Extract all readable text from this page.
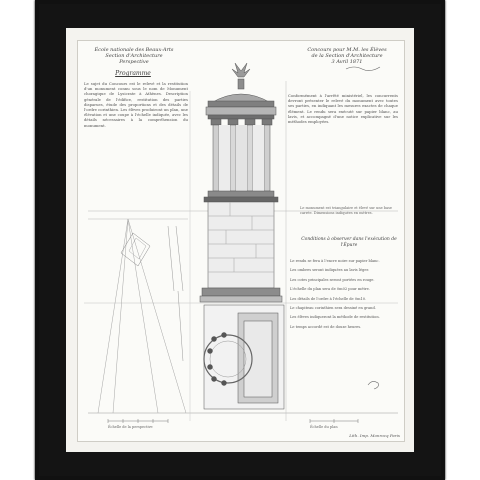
École nationale des Beaux-Arts
Section d'Architecture
Perspective
Programme
Le sujet du Concours est le relevé et la restitution d'un monument connu sous le nom de Monument choragique de Lysicrate à Athènes. Description générale de l'édifice, restitution des parties disparues, étude des proportions et des détails de l'ordre corinthien. Les élèves produiront un plan, une élévation et une coupe à l'échelle indiquée, avec les détails nécessaires à la compréhension du monument.
Concours pour M.M. les Élèves
de la Section d'Architecture
3 Avril 1871
Conformément à l'arrêté ministériel, les concurrents devront présenter le relevé du monument avec toutes ses parties, en indiquant les mesures exactes de chaque élément. Le rendu sera exécuté sur papier blanc, au lavis, et accompagné d'une notice explicative sur les méthodes employées.
Le monument est triangulaire et élevé sur une base carrée. Dimensions indiquées en mètres.
Conditions à observer dans l'exécution de l'Épure
Le rendu se fera à l'encre noire sur papier blanc.
Les ombres seront indiquées au lavis léger.
Les cotes principales seront portées en rouge.
L'échelle du plan sera de 0m02 pour mètre.
Les détails de l'ordre à l'échelle de 0m10.
Le chapiteau corinthien sera dessiné en grand.
Les élèves indiqueront la méthode de restitution.
Le temps accordé est de douze heures.
Échelle de la perspective	Échelle du plan
Lith. Imp. Monrocq Paris
